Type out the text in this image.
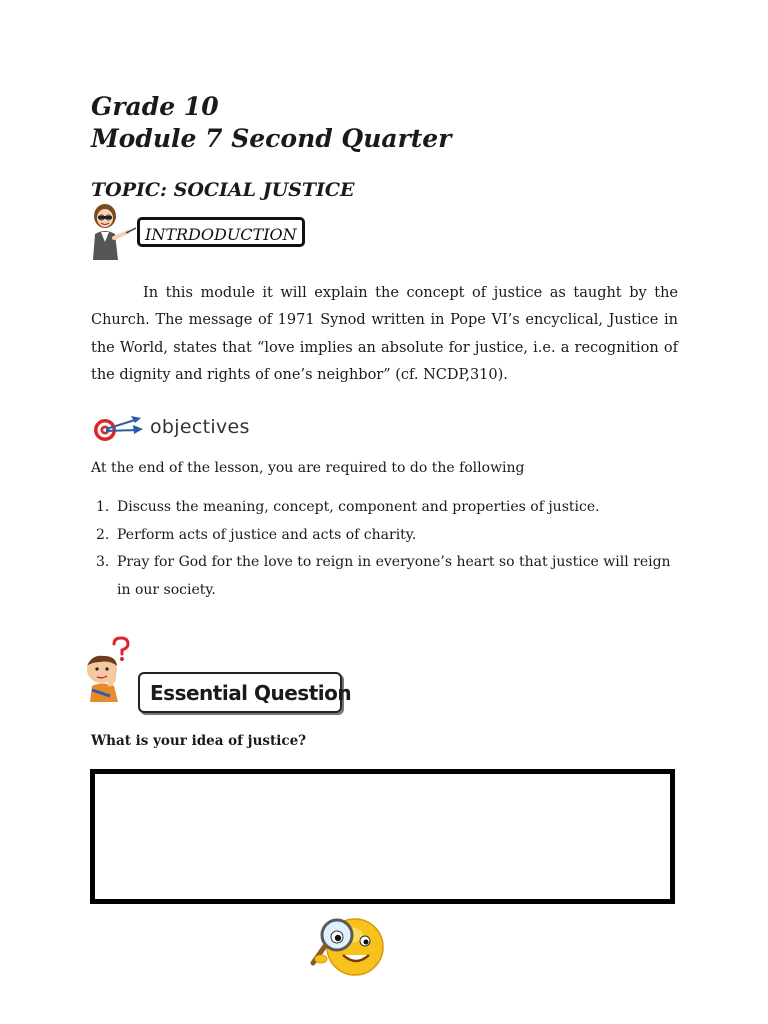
Grade 10
Module 7 Second Quarter
TOPIC: SOCIAL JUSTICE
INTRDODUCTION
In this module it will explain the concept of justice as taught by the Church. The message of 1971 Synod written in Pope VI’s encyclical, Justice in the World, states that “love implies an absolute for justice, i.e. a recognition of the dignity and rights of one’s neighbor” (cf. NCDP,310).
objectives
At the end of the lesson, you are required to do the following
1. Discuss the meaning, concept, component and properties of justice.
2. Perform acts of justice and acts of charity.
3. Pray for God for the love to reign in everyone’s heart so that justice will reign in our society.
Essential Question
What is your idea of justice?
